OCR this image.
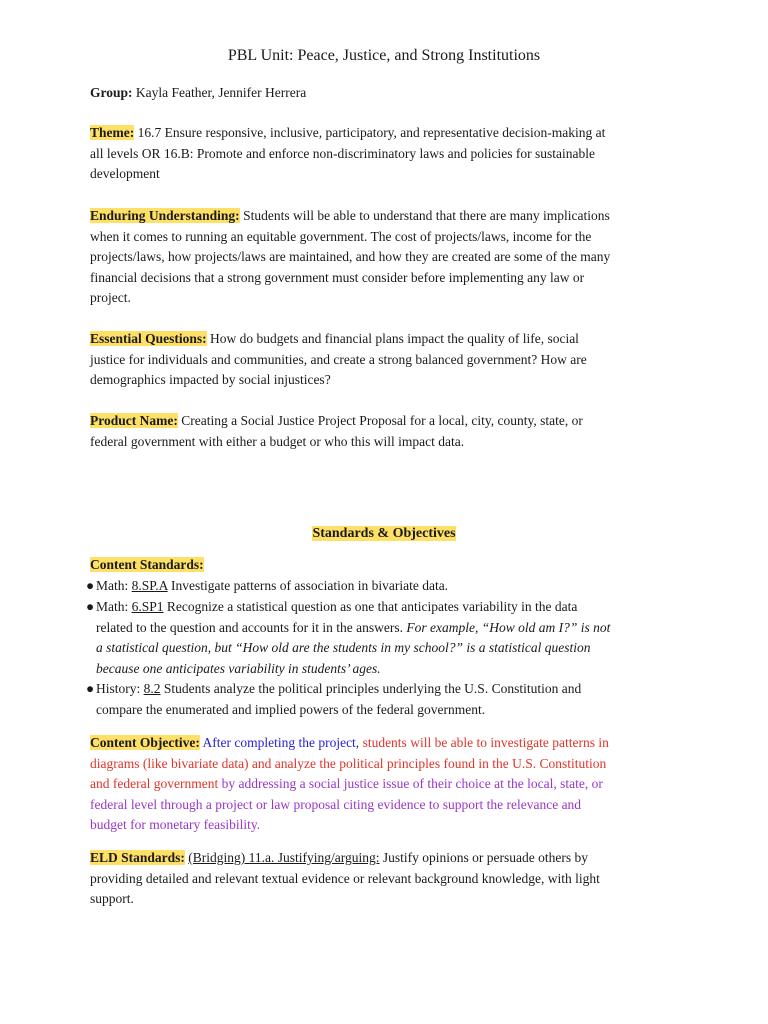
PBL Unit: Peace, Justice, and Strong Institutions
Group: Kayla Feather, Jennifer Herrera
Theme: 16.7 Ensure responsive, inclusive, participatory, and representative decision-making at
all levels OR 16.B: Promote and enforce non-discriminatory laws and policies for sustainable
development
Enduring Understanding: Students will be able to understand that there are many implications
when it comes to running an equitable government. The cost of projects/laws, income for the
projects/laws, how projects/laws are maintained, and how they are created are some of the many
financial decisions that a strong government must consider before implementing any law or
project.
Essential Questions: How do budgets and financial plans impact the quality of life, social
justice for individuals and communities, and create a strong balanced government? How are
demographics impacted by social injustices?
Product Name: Creating a Social Justice Project Proposal for a local, city, county, state, or
federal government with either a budget or who this will impact data.
Standards & Objectives
Content Standards:
● Math: 8.SP.A Investigate patterns of association in bivariate data.
● Math: 6.SP1 Recognize a statistical question as one that anticipates variability in the data
related to the question and accounts for it in the answers. For example, “How old am I?” is not
a statistical question, but “How old are the students in my school?” is a statistical question
because one anticipates variability in students’ ages.
● History: 8.2 Students analyze the political principles underlying the U.S. Constitution and
compare the enumerated and implied powers of the federal government.
Content Objective: After completing the project, students will be able to investigate patterns in
diagrams (like bivariate data) and analyze the political principles found in the U.S. Constitution
and federal government by addressing a social justice issue of their choice at the local, state, or
federal level through a project or law proposal citing evidence to support the relevance and
budget for monetary feasibility.
ELD Standards: (Bridging) 11.a. Justifying/arguing: Justify opinions or persuade others by
providing detailed and relevant textual evidence or relevant background knowledge, with light
support.
